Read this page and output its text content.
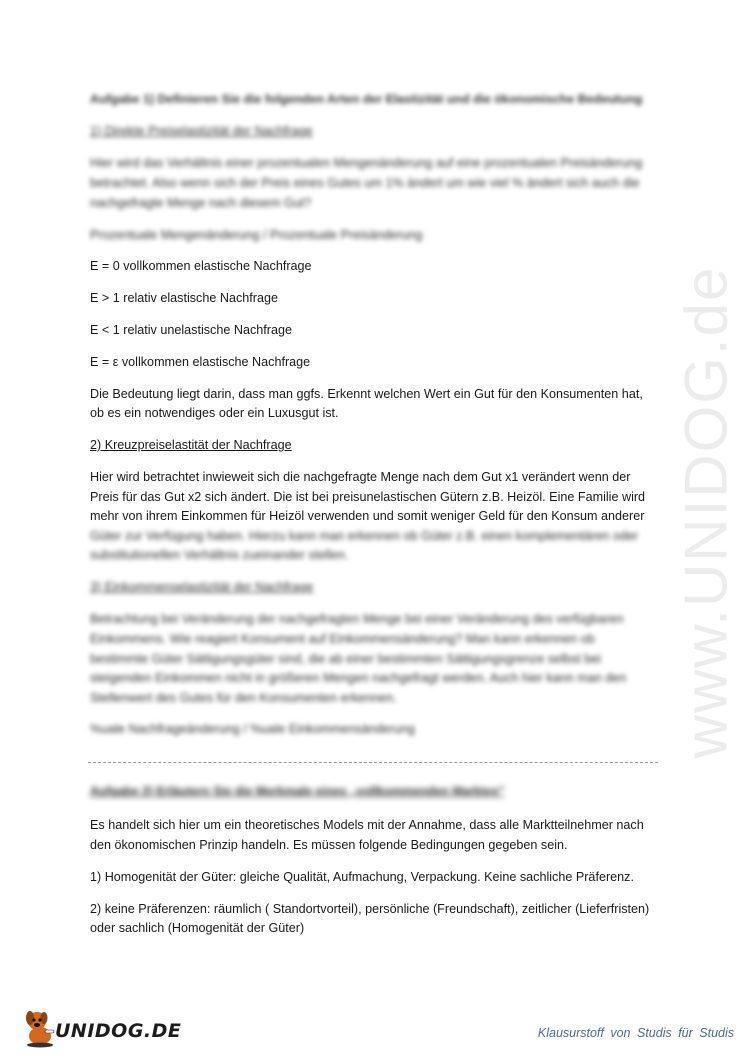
www.UNIDOG.de
Aufgabe 1) Definieren Sie die folgenden Arten der Elastizität und die ökonomische Bedeutung
1) Direkte Preiselastizität der Nachfrage
Hier wird das Verhältnis einer prozentualen Mengenänderung auf eine prozentualen Preisänderung
betrachtet. Also wenn sich der Preis eines Gutes um 1% ändert um wie viel % ändert sich auch die
nachgefragte Menge nach diesem Gut?
Prozentuale Mengenänderung / Prozentuale Preisänderung
E = 0 vollkommen elastische Nachfrage
E > 1 relativ elastische Nachfrage
E < 1 relativ unelastische Nachfrage
E = ε vollkommen elastische Nachfrage
Die Bedeutung liegt darin, dass man ggfs. Erkennt welchen Wert ein Gut für den Konsumenten hat,
ob es ein notwendiges oder ein Luxusgut ist.
2) Kreuzpreiselastität der Nachfrage
Hier wird betrachtet inwieweit sich die nachgefragte Menge nach dem Gut x1 verändert wenn der
Preis für das Gut x2 sich ändert. Die ist bei preisunelastischen Gütern z.B. Heizöl. Eine Familie wird
mehr von ihrem Einkommen für Heizöl verwenden und somit weniger Geld für den Konsum anderer
Güter zur Verfügung haben. Hierzu kann man erkennen ob Güter z.B. einen komplementären oder
substitutionellen Verhältnis zueinander stellen.
3) Einkommenselastizität der Nachfrage
Betrachtung bei Veränderung der nachgefragten Menge bei einer Veränderung des verfügbaren
Einkommens. Wie reagiert Konsument auf Einkommensänderung? Man kann erkennen ob
bestimmte Güter Sättigungsgüter sind, die ab einer bestimmten Sättigungsgrenze selbst bei
steigenden Einkommen nicht in größeren Mengen nachgefragt werden. Auch hier kann man den
Stellenwert des Gutes für den Konsumenten erkennen.
%uale Nachfrageänderung / %uale Einkommensänderung
Aufgabe 2) Erläutern Sie die Merkmale eines „vollkommenden Marktes"
Es handelt sich hier um ein theoretisches Models mit der Annahme, dass alle Marktteilnehmer nach
den ökonomischen Prinzip handeln. Es müssen folgende Bedingungen gegeben sein.
1) Homogenität der Güter: gleiche Qualität, Aufmachung, Verpackung. Keine sachliche Präferenz.
2) keine Präferenzen: räumlich ( Standortvorteil), persönliche (Freundschaft), zeitlicher (Lieferfristen)
oder sachlich (Homogenität der Güter)
UNIDOG.DE	Klausurstoff von Studis für Studis
